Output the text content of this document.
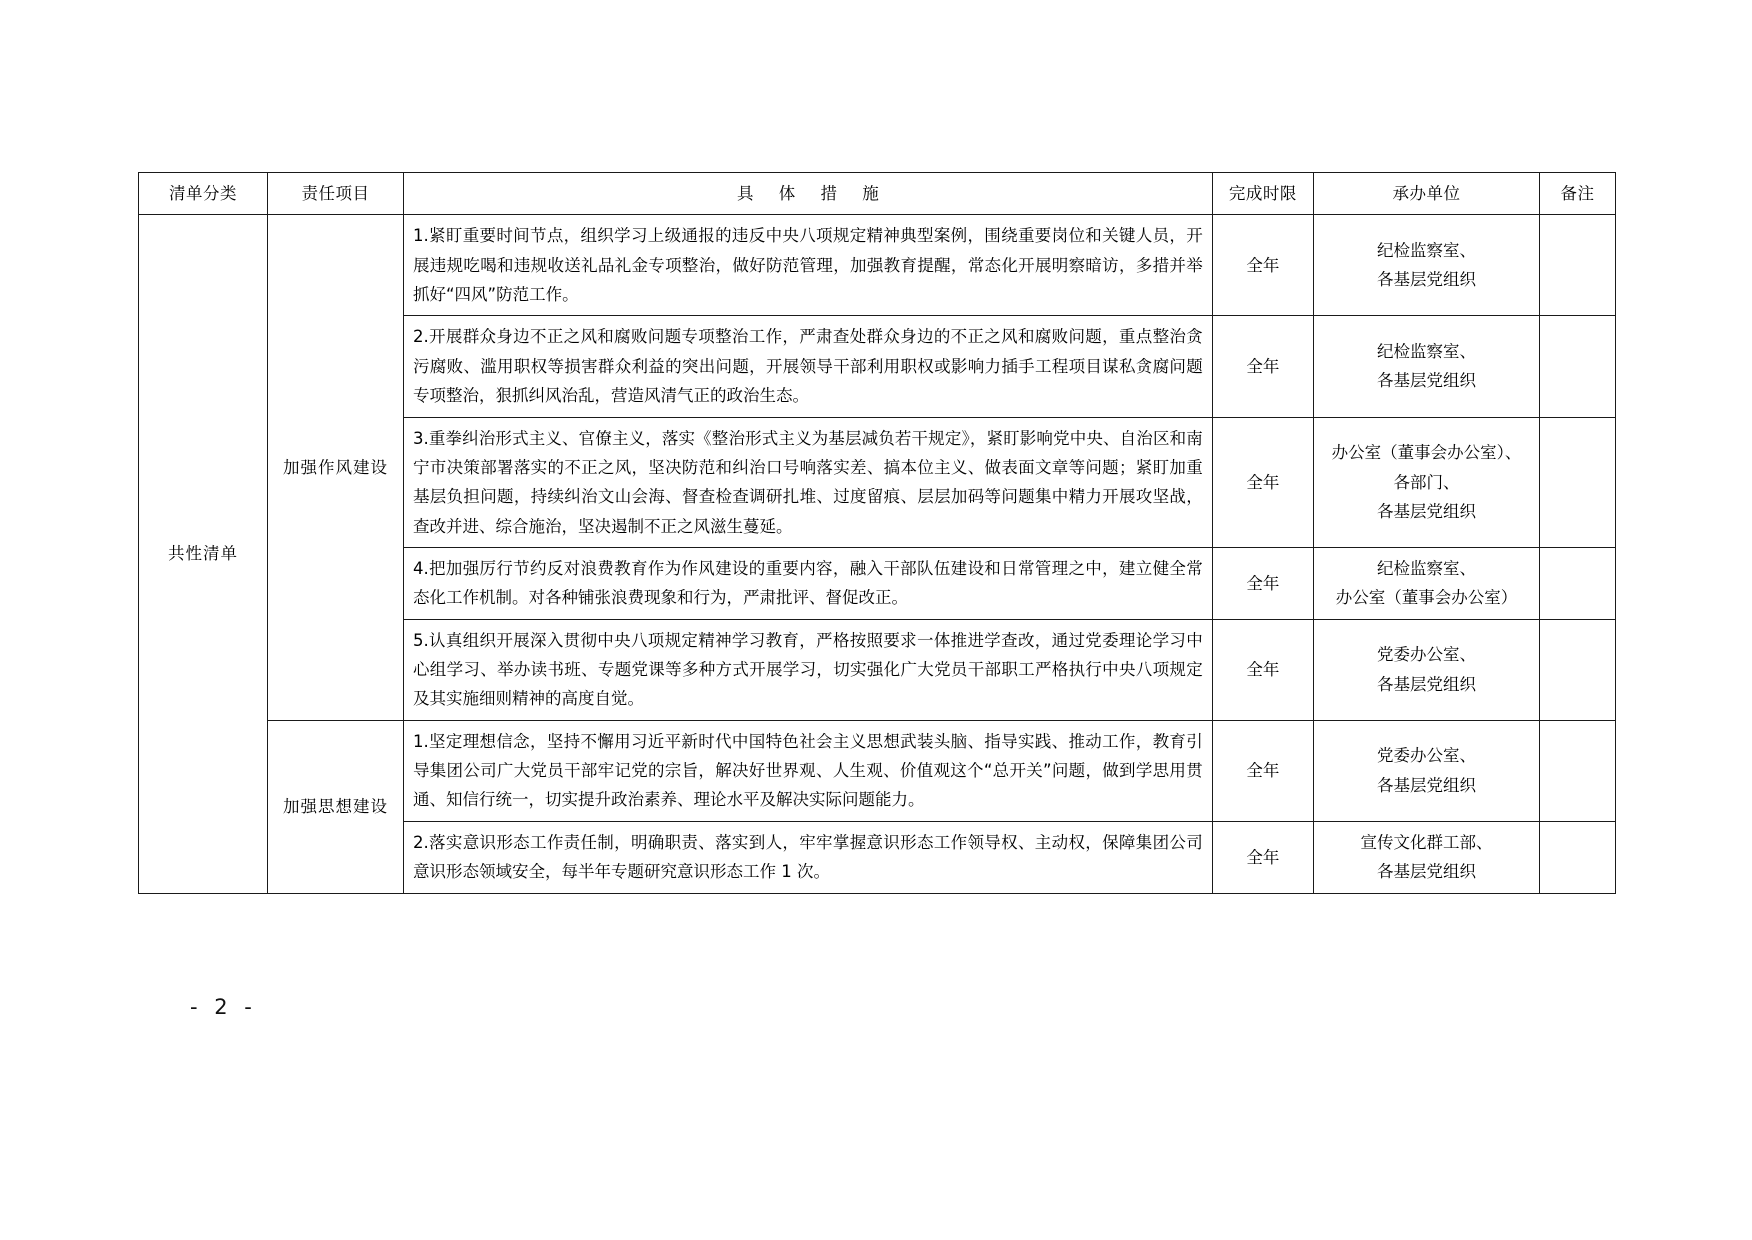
清单分类	责任项目	具 体 措 施	完成时限	承办单位	备注
共性清单	加强作风建设	1.紧盯重要时间节点，组织学习上级通报的违反中央八项规定精神典型案例，围绕重要岗位和关键人员，开展违规吃喝和违规收送礼品礼金专项整治，做好防范管理，加强教育提醒，常态化开展明察暗访，多措并举抓好“四风”防范工作。	全年	纪检监察室、
各基层党组织	
		2.开展群众身边不正之风和腐败问题专项整治工作，严肃查处群众身边的不正之风和腐败问题，重点整治贪污腐败、滥用职权等损害群众利益的突出问题，开展领导干部利用职权或影响力插手工程项目谋私贪腐问题专项整治，狠抓纠风治乱，营造风清气正的政治生态。	全年	纪检监察室、
各基层党组织	
		3.重拳纠治形式主义、官僚主义，落实《整治形式主义为基层减负若干规定》，紧盯影响党中央、自治区和南宁市决策部署落实的不正之风，坚决防范和纠治口号响落实差、搞本位主义、做表面文章等问题；紧盯加重基层负担问题，持续纠治文山会海、督查检查调研扎堆、过度留痕、层层加码等问题集中精力开展攻坚战，查改并进、综合施治，坚决遏制不正之风滋生蔓延。	全年	办公室（董事会办公室）、
各部门、
各基层党组织	
		4.把加强厉行节约反对浪费教育作为作风建设的重要内容，融入干部队伍建设和日常管理之中，建立健全常态化工作机制。对各种铺张浪费现象和行为，严肃批评、督促改正。	全年	纪检监察室、
办公室（董事会办公室）	
		5.认真组织开展深入贯彻中央八项规定精神学习教育，严格按照要求一体推进学查改，通过党委理论学习中心组学习、举办读书班、专题党课等多种方式开展学习，切实强化广大党员干部职工严格执行中央八项规定及其实施细则精神的高度自觉。	全年	党委办公室、
各基层党组织	
	加强思想建设	1.坚定理想信念，坚持不懈用习近平新时代中国特色社会主义思想武装头脑、指导实践、推动工作，教育引导集团公司广大党员干部牢记党的宗旨，解决好世界观、人生观、价值观这个“总开关”问题，做到学思用贯通、知信行统一，切实提升政治素养、理论水平及解决实际问题能力。	全年	党委办公室、
各基层党组织	
		2.落实意识形态工作责任制，明确职责、落实到人，牢牢掌握意识形态工作领导权、主动权，保障集团公司意识形态领域安全，每半年专题研究意识形态工作 1 次。	全年	宣传文化群工部、
各基层党组织	
- 2 -
